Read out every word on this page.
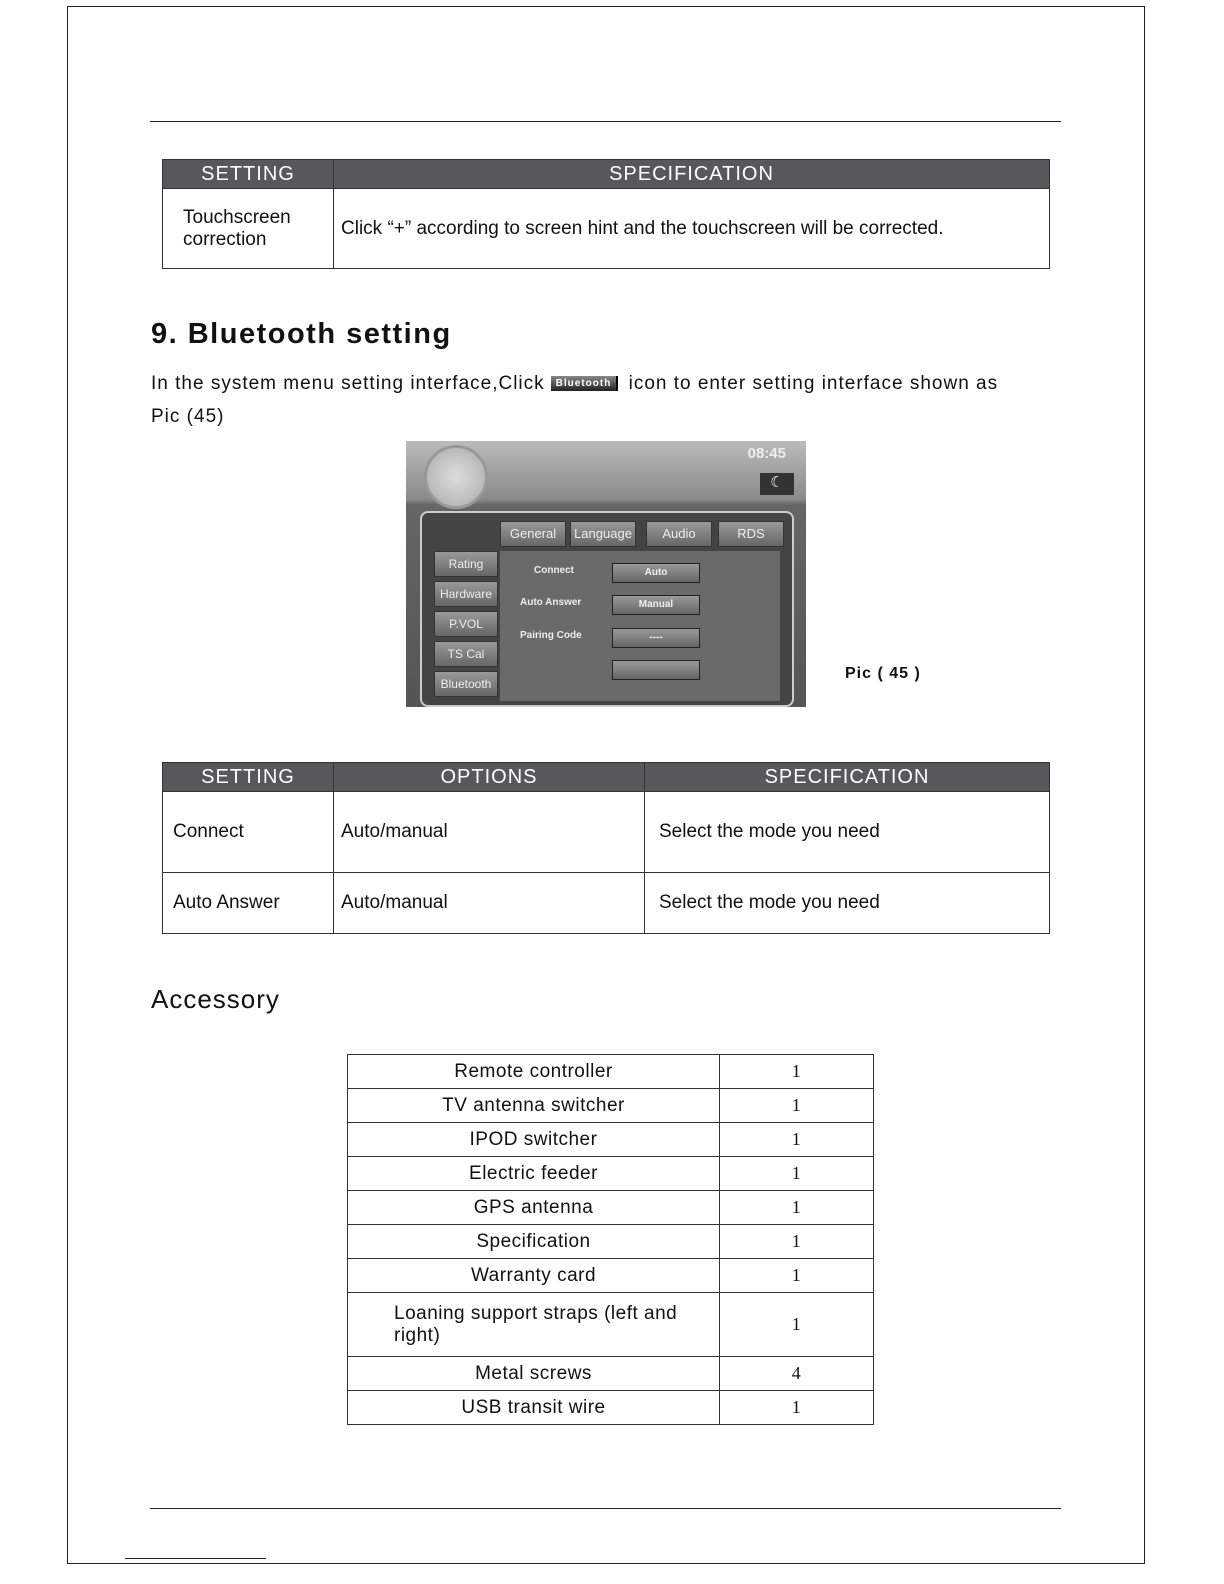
SETTING	SPECIFICATION
Touchscreen correction	Click “+” according to screen hint and the touchscreen will be corrected.
9. Bluetooth setting
In the system menu setting interface,Click Bluetooth icon to enter setting interface shown as
Pic (45)
08:45
☾
General	Language	Audio	RDS
Rating
Hardware
P.VOL
TS Cal
Bluetooth
Connect	Auto
Auto Answer	Manual
Pairing Code	----
Pic ( 45 )
SETTING	OPTIONS	SPECIFICATION
Connect	Auto/manual	Select the mode you need
Auto Answer	Auto/manual	Select the mode you need
Accessory
Remote controller	1
TV antenna switcher	1
IPOD switcher	1
Electric feeder	1
GPS antenna	1
Specification	1
Warranty card	1
Loaning support straps (left and right)	1
Metal screws	4
USB transit wire	1
